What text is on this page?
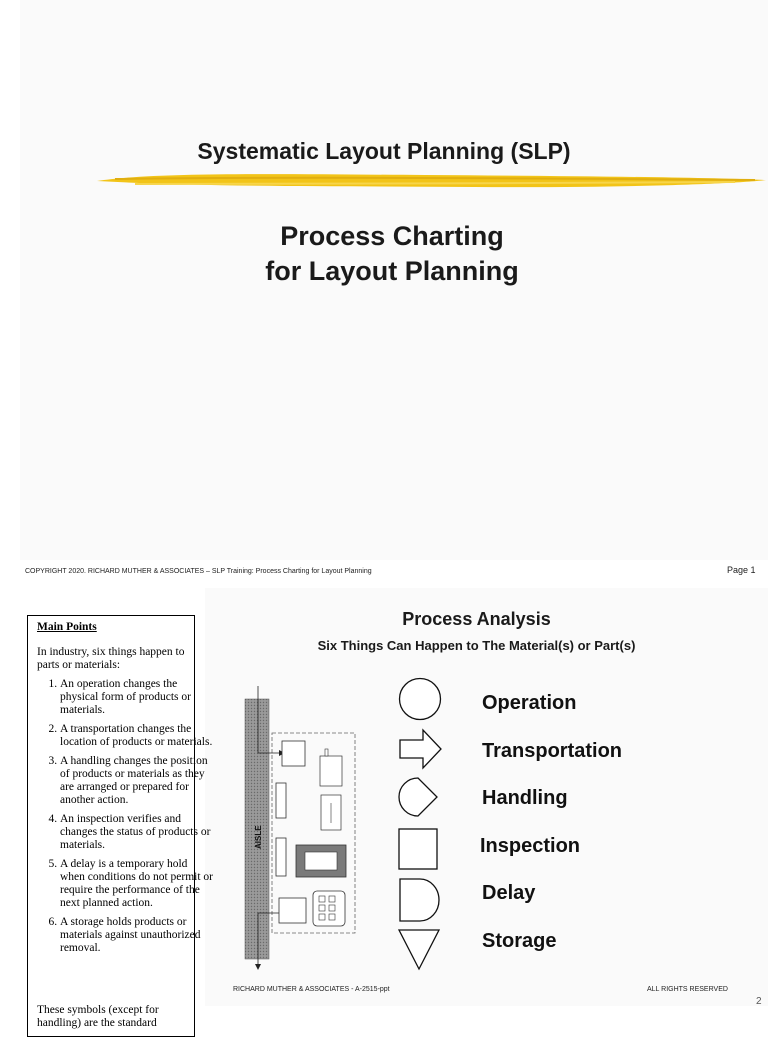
Systematic Layout Planning (SLP)
Process Charting
for Layout Planning
COPYRIGHT 2020. RICHARD MUTHER & ASSOCIATES – SLP Training: Process Charting for Layout Planning	Page 1
Main Points
In industry, six things happen to parts or materials:
1. An operation changes the physical form of products or materials.
2. A transportation changes the location of products or materials.
3. A handling changes the position of products or materials as they are arranged or prepared for another action.
4. An inspection verifies and changes the status of products or materials.
5. A delay is a temporary hold when conditions do not permit or require the performance of the next planned action.
6. A storage holds products or materials against unauthorized removal.
These symbols (except for handling) are the standard
Process Analysis
Six Things Can Happen to The Material(s) or Part(s)
AISLE
Operation
Transportation
Handling
Inspection
Delay
Storage
RICHARD MUTHER & ASSOCIATES - A-2515-ppt	ALL RIGHTS RESERVED
2
